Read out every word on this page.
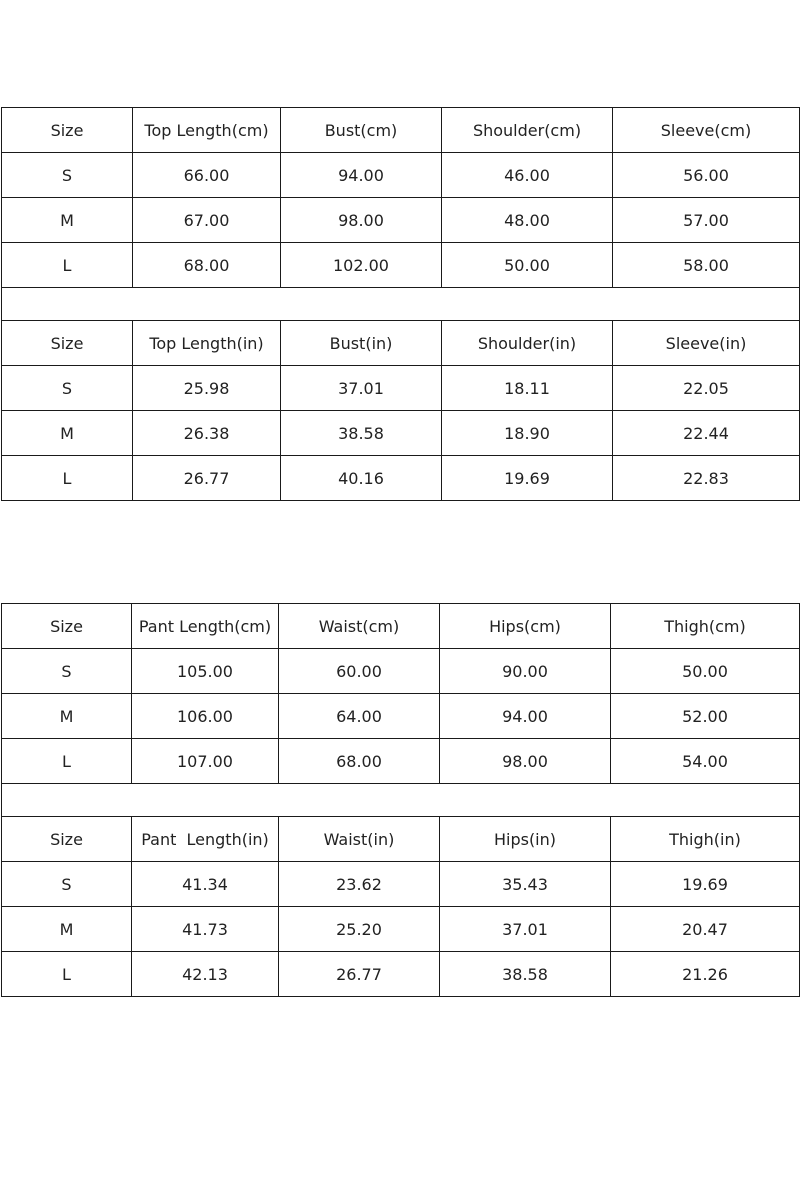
Size	Top Length(cm)	Bust(cm)	Shoulder(cm)	Sleeve(cm)
S	66.00	94.00	46.00	56.00
M	67.00	98.00	48.00	57.00
L	68.00	102.00	50.00	58.00

Size	Top Length(in)	Bust(in)	Shoulder(in)	Sleeve(in)
S	25.98	37.01	18.11	22.05
M	26.38	38.58	18.90	22.44
L	26.77	40.16	19.69	22.83
Size	Pant Length(cm)	Waist(cm)	Hips(cm)	Thigh(cm)
S	105.00	60.00	90.00	50.00
M	106.00	64.00	94.00	52.00
L	107.00	68.00	98.00	54.00

Size	Pant  Length(in)	Waist(in)	Hips(in)	Thigh(in)
S	41.34	23.62	35.43	19.69
M	41.73	25.20	37.01	20.47
L	42.13	26.77	38.58	21.26
